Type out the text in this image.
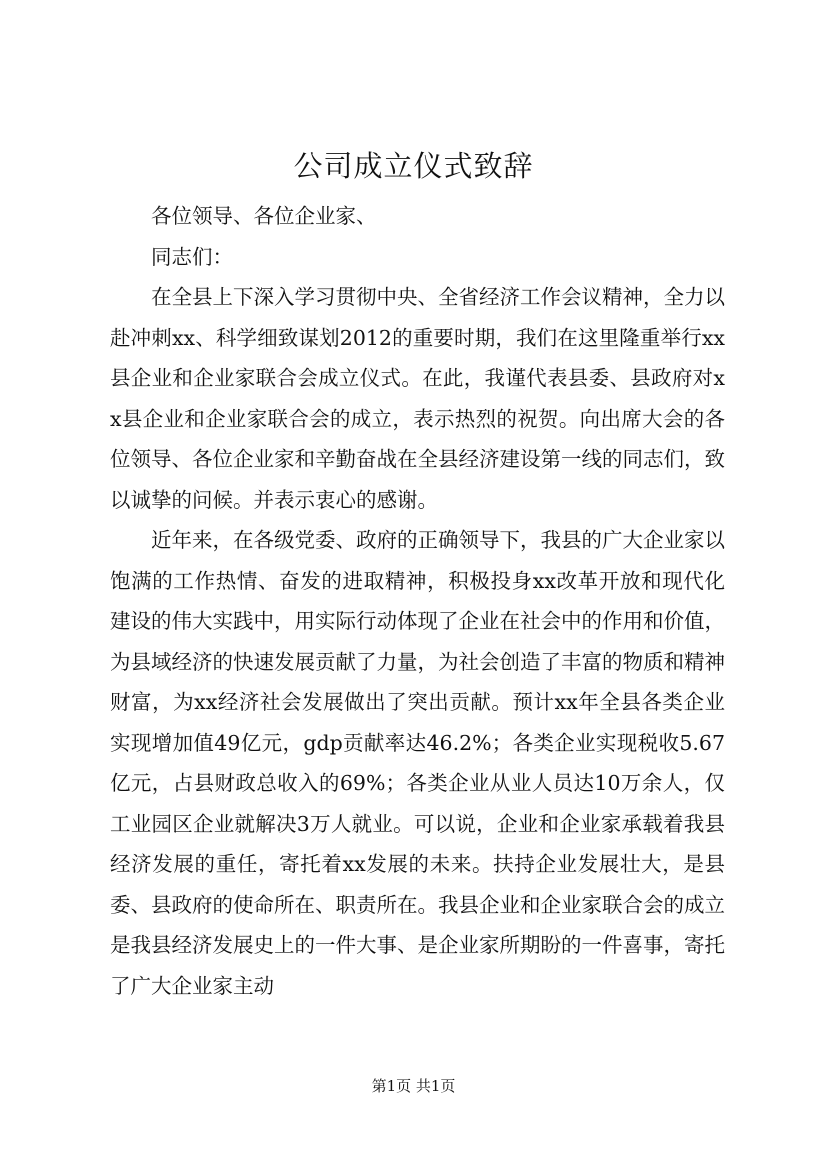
公司成立仪式致辞

各位领导、各位企业家、

同志们：

在全县上下深入学习贯彻中央、全省经济工作会议精神，全力以赴冲刺xx、科学细致谋划2012的重要时期，我们在这里隆重举行xx县企业和企业家联合会成立仪式。在此，我谨代表县委、县政府对xx县企业和企业家联合会的成立，表示热烈的祝贺。向出席大会的各位领导、各位企业家和辛勤奋战在全县经济建设第一线的同志们，致以诚挚的问候。并表示衷心的感谢。

近年来，在各级党委、政府的正确领导下，我县的广大企业家以饱满的工作热情、奋发的进取精神，积极投身xx改革开放和现代化建设的伟大实践中，用实际行动体现了企业在社会中的作用和价值，为县域经济的快速发展贡献了力量，为社会创造了丰富的物质和精神财富，为xx经济社会发展做出了突出贡献。预计xx年全县各类企业实现增加值49亿元，gdp贡献率达46.2%；各类企业实现税收5.67亿元，占县财政总收入的69%；各类企业从业人员达10万余人，仅工业园区企业就解决3万人就业。可以说，企业和企业家承载着我县经济发展的重任，寄托着xx发展的未来。扶持企业发展壮大，是县委、县政府的使命所在、职责所在。我县企业和企业家联合会的成立是我县经济发展史上的一件大事、是企业家所期盼的一件喜事，寄托了广大企业家主动

第1页 共1页
